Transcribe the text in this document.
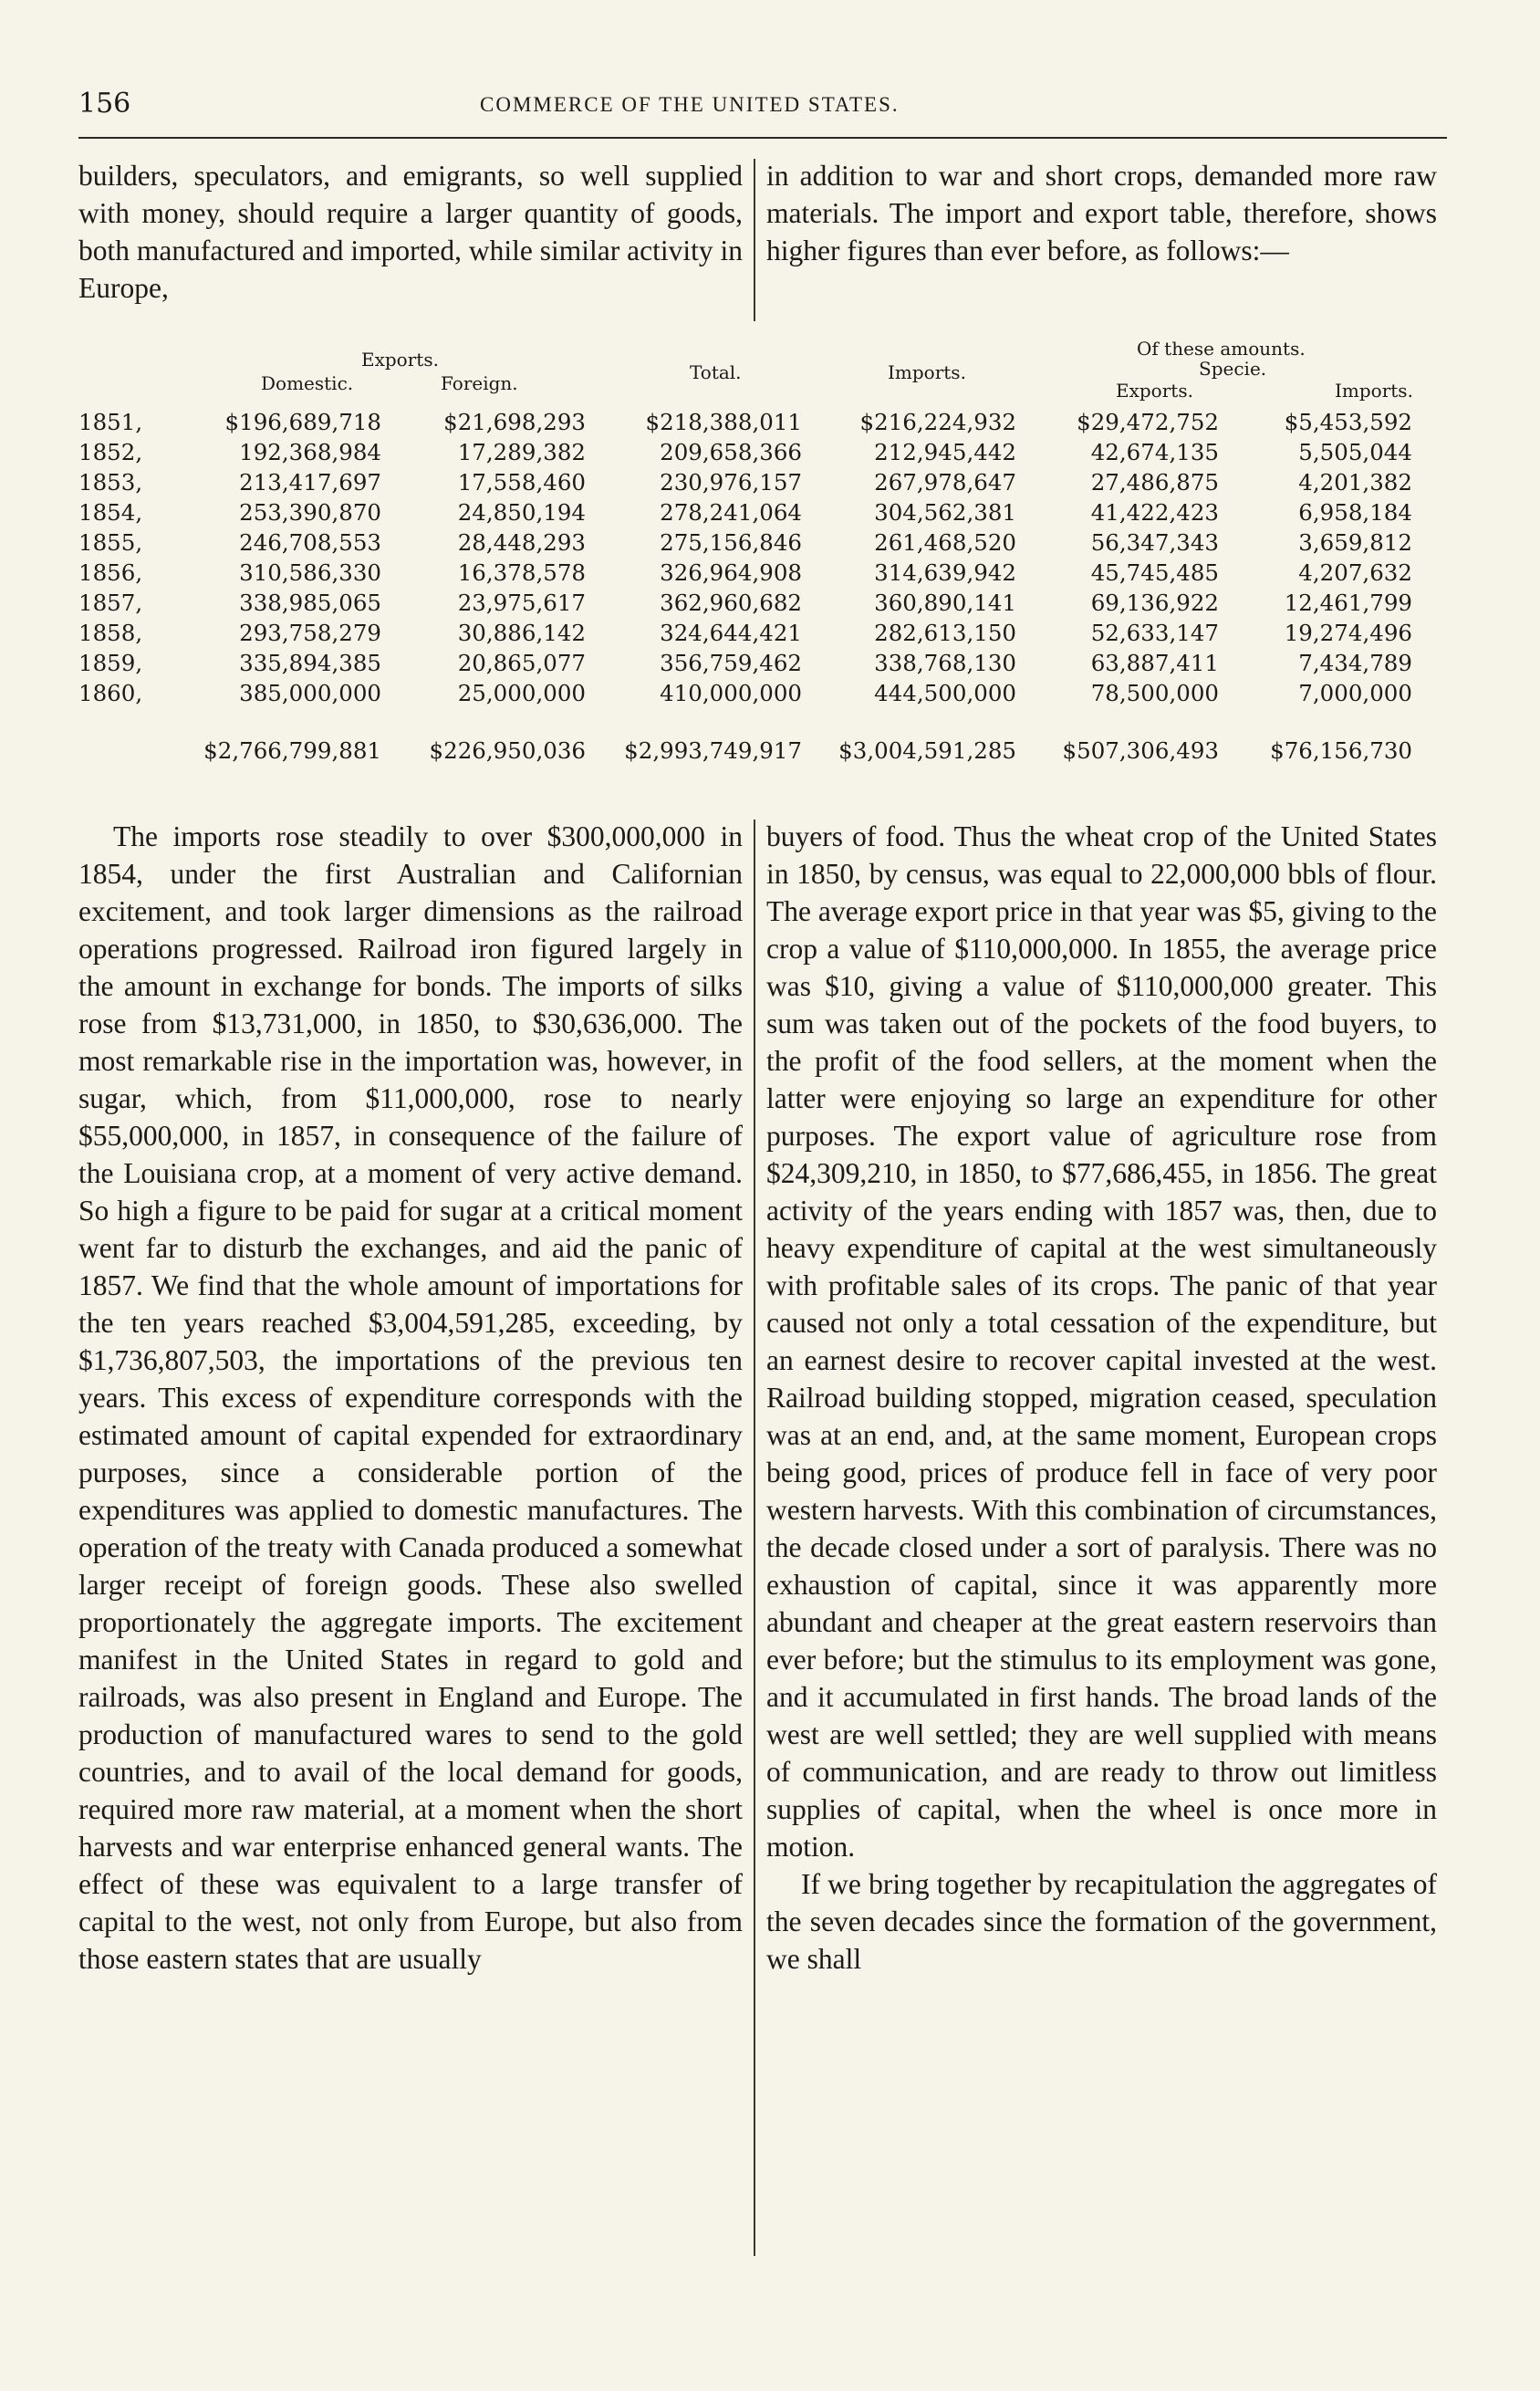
156	COMMERCE OF THE UNITED STATES.

builders, speculators, and emigrants, so well supplied with money, should require a larger quantity of goods, both manufactured and imported, while similar activity in Europe,

in addition to war and short crops, demanded more raw materials. The import and export table, therefore, shows higher figures than ever before, as follows:—

Exports.
Domestic.	Foreign.	Total.	Imports.
Of these amounts.
Specie.
Exports.	Imports.
1851,	$196,689,718	$21,698,293	$218,388,011	$216,224,932	$29,472,752	$5,453,592
1852,	192,368,984	17,289,382	209,658,366	212,945,442	42,674,135	5,505,044
1853,	213,417,697	17,558,460	230,976,157	267,978,647	27,486,875	4,201,382
1854,	253,390,870	24,850,194	278,241,064	304,562,381	41,422,423	6,958,184
1855,	246,708,553	28,448,293	275,156,846	261,468,520	56,347,343	3,659,812
1856,	310,586,330	16,378,578	326,964,908	314,639,942	45,745,485	4,207,632
1857,	338,985,065	23,975,617	362,960,682	360,890,141	69,136,922	12,461,799
1858,	293,758,279	30,886,142	324,644,421	282,613,150	52,633,147	19,274,496
1859,	335,894,385	20,865,077	356,759,462	338,768,130	63,887,411	7,434,789
1860,	385,000,000	25,000,000	410,000,000	444,500,000	78,500,000	7,000,000
$2,766,799,881 $226,950,036 $2,993,749,917 $3,004,591,285 $507,306,493 $76,156,730

The imports rose steadily to over $300,000,000 in 1854, under the first Australian and Californian excitement, and took larger dimensions as the railroad operations progressed. Railroad iron figured largely in the amount in exchange for bonds. The imports of silks rose from $13,731,000, in 1850, to $30,636,000. The most remarkable rise in the importation was, however, in sugar, which, from $11,000,000, rose to nearly $55,000,000, in 1857, in consequence of the failure of the Louisiana crop, at a moment of very active demand. So high a figure to be paid for sugar at a critical moment went far to disturb the exchanges, and aid the panic of 1857. We find that the whole amount of importations for the ten years reached $3,004,591,285, exceeding, by $1,736,807,503, the importations of the previous ten years. This excess of expenditure corresponds with the estimated amount of capital expended for extraordinary purposes, since a considerable portion of the expenditures was applied to domestic manufactures. The operation of the treaty with Canada produced a somewhat larger receipt of foreign goods. These also swelled proportionately the aggregate imports. The excitement manifest in the United States in regard to gold and railroads, was also present in England and Europe. The production of manufactured wares to send to the gold countries, and to avail of the local demand for goods, required more raw material, at a moment when the short harvests and war enterprise enhanced general wants. The effect of these was equivalent to a large transfer of capital to the west, not only from Europe, but also from those eastern states that are usually

buyers of food. Thus the wheat crop of the United States in 1850, by census, was equal to 22,000,000 bbls of flour. The average export price in that year was $5, giving to the crop a value of $110,000,000. In 1855, the average price was $10, giving a value of $110,000,000 greater. This sum was taken out of the pockets of the food buyers, to the profit of the food sellers, at the moment when the latter were enjoying so large an expenditure for other purposes. The export value of agriculture rose from $24,309,210, in 1850, to $77,686,455, in 1856. The great activity of the years ending with 1857 was, then, due to heavy expenditure of capital at the west simultaneously with profitable sales of its crops. The panic of that year caused not only a total cessation of the expenditure, but an earnest desire to recover capital invested at the west. Railroad building stopped, migration ceased, speculation was at an end, and, at the same moment, European crops being good, prices of produce fell in face of very poor western harvests. With this combination of circumstances, the decade closed under a sort of paralysis. There was no exhaustion of capital, since it was apparently more abundant and cheaper at the great eastern reservoirs than ever before; but the stimulus to its employment was gone, and it accumulated in first hands. The broad lands of the west are well settled; they are well supplied with means of communication, and are ready to throw out limitless supplies of capital, when the wheel is once more in motion.

If we bring together by recapitulation the aggregates of the seven decades since the formation of the government, we shall
